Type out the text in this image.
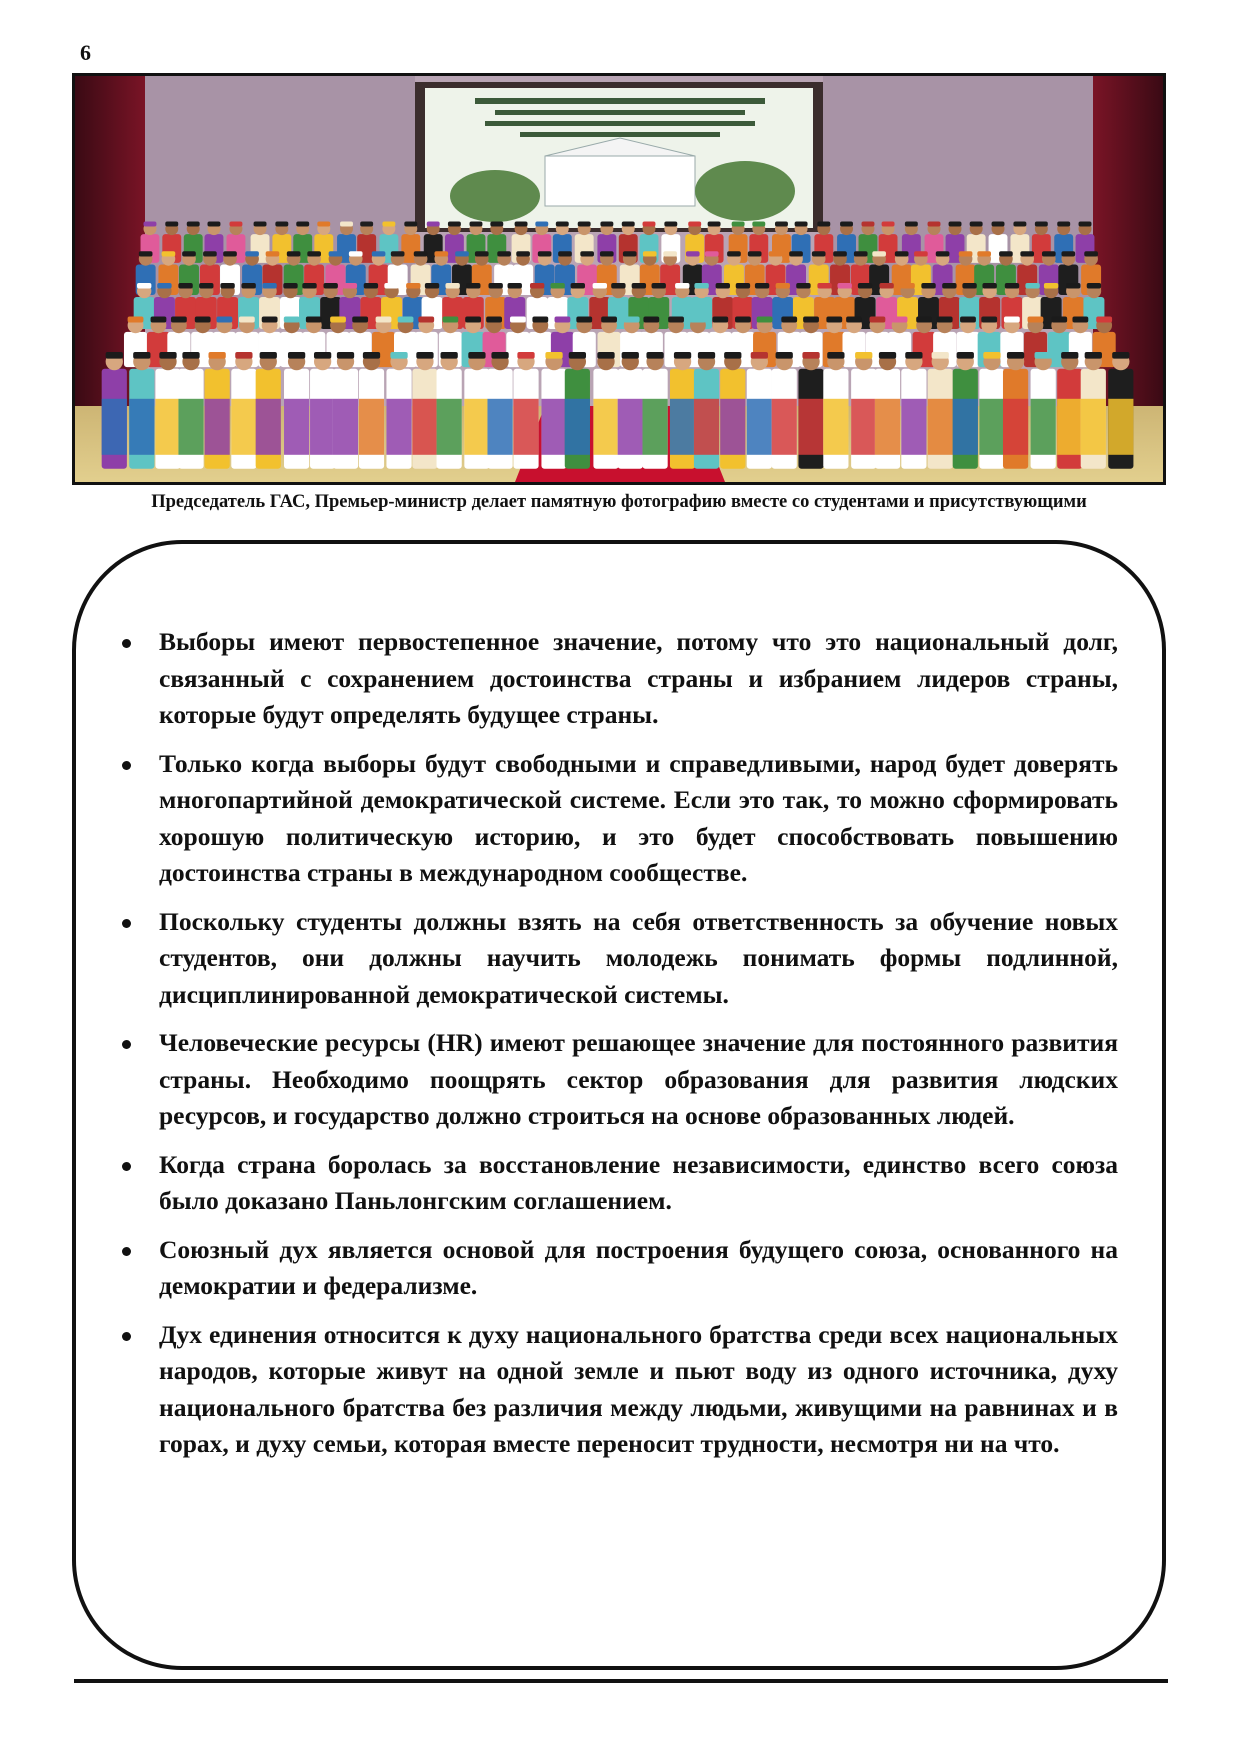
6
Председатель ГАС, Премьер-министр делает памятную фотографию вместе со студентами и присутствующими
Выборы имеют первостепенное значение, потому что это национальный долг, связанный с сохранением достоинства страны и избранием лидеров страны, которые будут определять будущее страны.
Только когда выборы будут свободными и справедливыми, народ будет доверять многопартийной демократической системе. Если это так, то можно сформировать хорошую политическую историю, и это будет способствовать повышению достоинства страны в международном сообществе.
Поскольку студенты должны взять на себя ответственность за обучение новых студентов, они должны научить молодежь понимать формы подлинной, дисциплинированной демократической системы.
Человеческие ресурсы (HR) имеют решающее значение для постоянного развития страны. Необходимо поощрять сектор образования для развития людских ресурсов, и государство должно строиться на основе образованных людей.
Когда страна боролась за восстановление независимости, единство всего союза было доказано Паньлонгским соглашением.
Союзный дух является основой для построения будущего союза, основанного на демократии и федерализме.
Дух единения относится к духу национального братства среди всех национальных народов, которые живут на одной земле и пьют воду из одного источника, духу национального братства без различия между людьми, живущими на равнинах и в горах, и духу семьи, которая вместе переносит трудности, несмотря ни на что.
